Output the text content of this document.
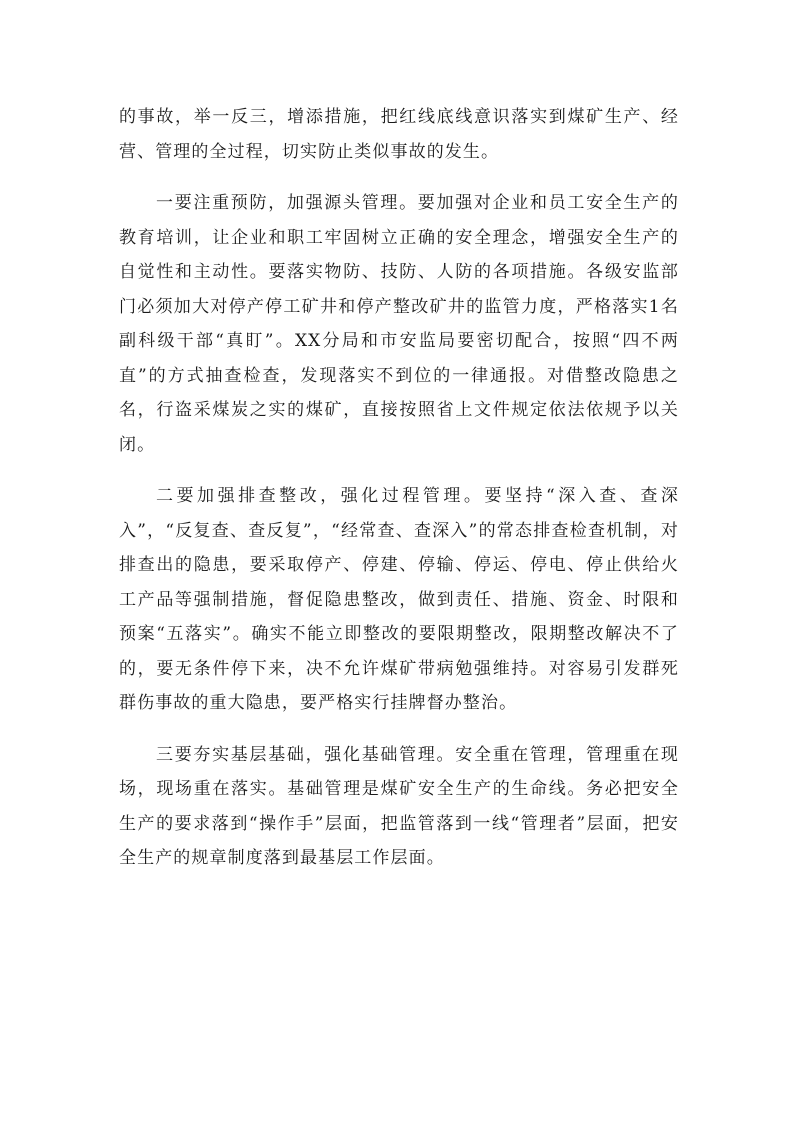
的事故，举一反三，增添措施，把红线底线意识落实到煤矿生产、经营、管理的全过程，切实防止类似事故的发生。

一要注重预防，加强源头管理。要加强对企业和员工安全生产的教育培训，让企业和职工牢固树立正确的安全理念，增强安全生产的自觉性和主动性。要落实物防、技防、人防的各项措施。各级安监部门必须加大对停产停工矿井和停产整改矿井的监管力度，严格落实1名副科级干部“真盯”。XX分局和市安监局要密切配合，按照“四不两直”的方式抽查检查，发现落实不到位的一律通报。对借整改隐患之名，行盗采煤炭之实的煤矿，直接按照省上文件规定依法依规予以关闭。

二要加强排查整改，强化过程管理。要坚持“深入查、查深入”，“反复查、查反复”，“经常查、查深入”的常态排查检查机制，对排查出的隐患，要采取停产、停建、停输、停运、停电、停止供给火工产品等强制措施，督促隐患整改，做到责任、措施、资金、时限和预案“五落实”。确实不能立即整改的要限期整改，限期整改解决不了的，要无条件停下来，决不允许煤矿带病勉强维持。对容易引发群死群伤事故的重大隐患，要严格实行挂牌督办整治。

三要夯实基层基础，强化基础管理。安全重在管理，管理重在现场，现场重在落实。基础管理是煤矿安全生产的生命线。务必把安全生产的要求落到“操作手”层面，把监管落到一线“管理者”层面，把安全生产的规章制度落到最基层工作层面。
